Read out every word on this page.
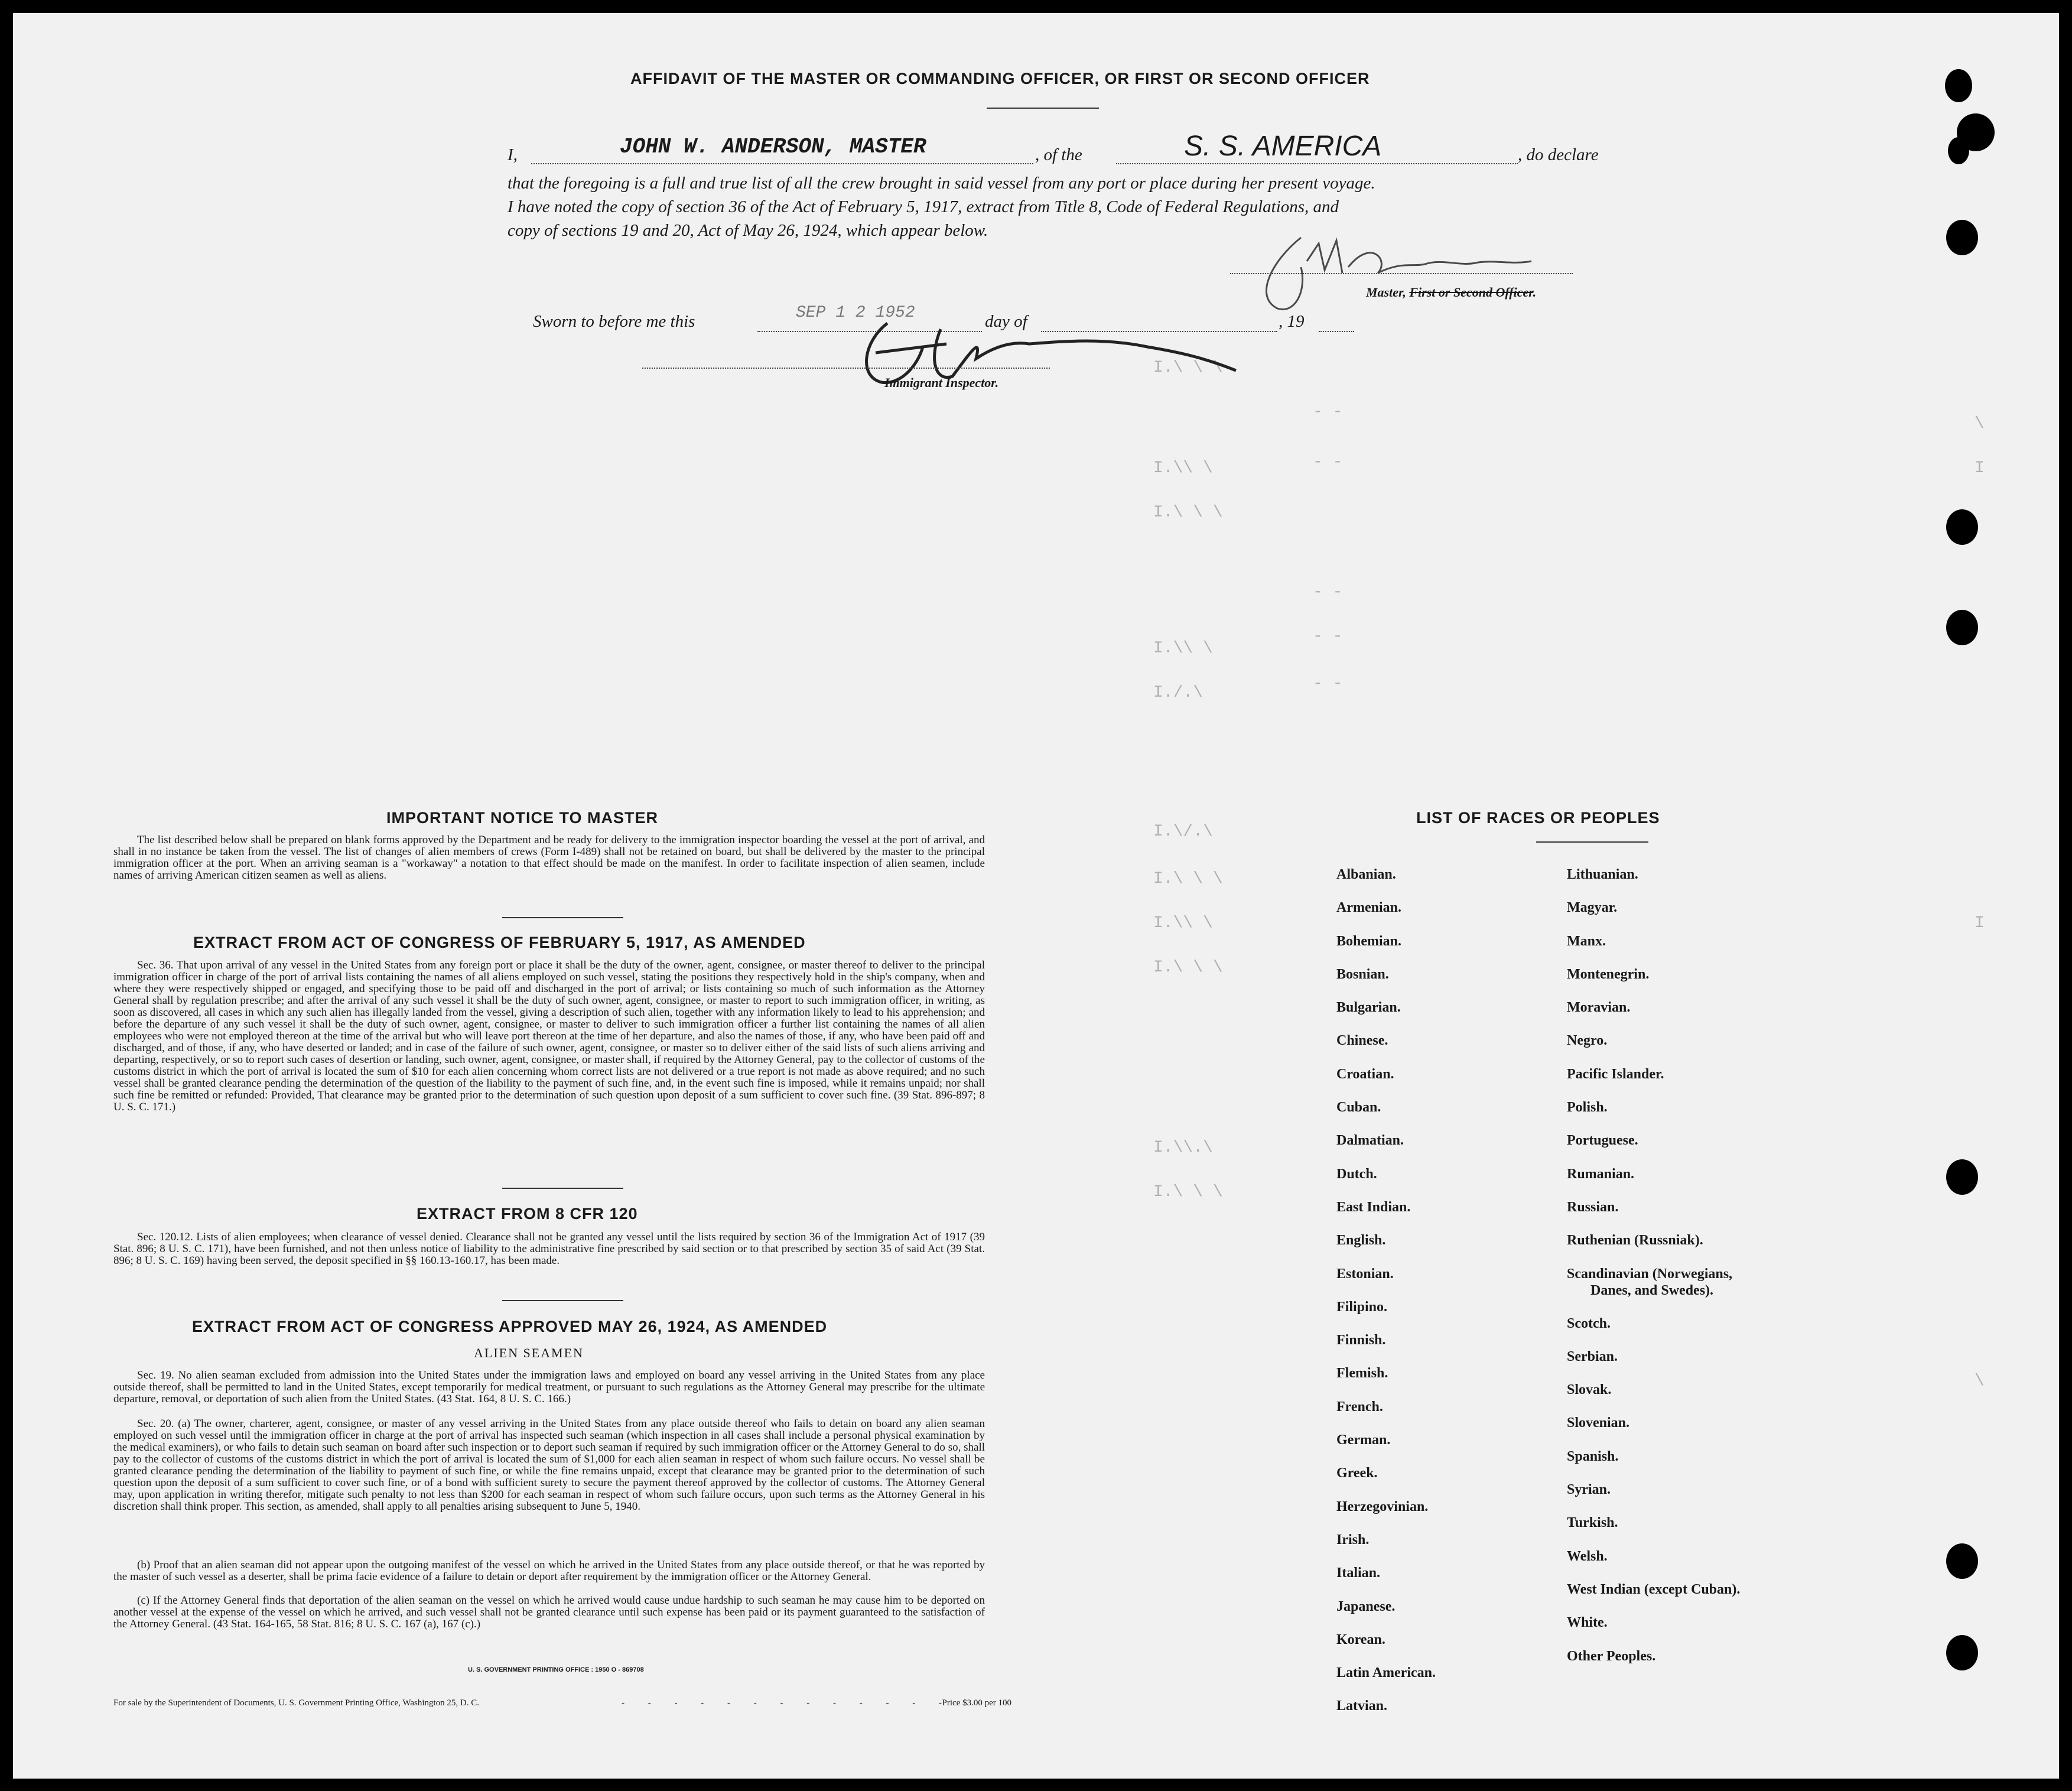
I.\ \ \
I.\\ \
I.\ \ \
I.\\ \
I./.\
I.\/.\
I.\ \ \
I.\\ \
I.\ \ \
I.\\.\
I.\ \ \
- -
- -
- -
- -
- -
\
I
I
\
AFFIDAVIT OF THE MASTER OR COMMANDING OFFICER, OR FIRST OR SECOND OFFICER
I,	JOHN W. ANDERSON, MASTER	, of the	S. S. AMERICA	, do declare
that the foregoing is a full and true list of all the crew brought in said vessel from any port or place during her present voyage.
I have noted the copy of section 36 of the Act of February 5, 1917, extract from Title 8, Code of Federal Regulations, and
copy of sections 19 and 20, Act of May 26, 1924, which appear below.
Master, First or Second Officer.
Sworn to before me this	SEP 1 2 1952	day of	, 19
Immigrant Inspector.
IMPORTANT NOTICE TO MASTER
The list described below shall be prepared on blank forms approved by the Department and be ready for delivery to the immigration inspector boarding the vessel at the port of arrival, and shall in no instance be taken from the vessel. The list of changes of alien members of crews (Form I-489) shall not be retained on board, but shall be delivered by the master to the principal immigration officer at the port. When an arriving seaman is a "workaway" a notation to that effect should be made on the manifest. In order to facilitate inspection of alien seamen, include names of arriving American citizen seamen as well as aliens.
EXTRACT FROM ACT OF CONGRESS OF FEBRUARY 5, 1917, AS AMENDED
Sec. 36. That upon arrival of any vessel in the United States from any foreign port or place it shall be the duty of the owner, agent, consignee, or master thereof to deliver to the principal immigration officer in charge of the port of arrival lists containing the names of all aliens employed on such vessel, stating the positions they respectively hold in the ship's company, when and where they were respectively shipped or engaged, and specifying those to be paid off and discharged in the port of arrival; or lists containing so much of such information as the Attorney General shall by regulation prescribe; and after the arrival of any such vessel it shall be the duty of such owner, agent, consignee, or master to report to such immigration officer, in writing, as soon as discovered, all cases in which any such alien has illegally landed from the vessel, giving a description of such alien, together with any information likely to lead to his apprehension; and before the departure of any such vessel it shall be the duty of such owner, agent, consignee, or master to deliver to such immigration officer a further list containing the names of all alien employees who were not employed thereon at the time of the arrival but who will leave port thereon at the time of her departure, and also the names of those, if any, who have been paid off and discharged, and of those, if any, who have deserted or landed; and in case of the failure of such owner, agent, consignee, or master so to deliver either of the said lists of such aliens arriving and departing, respectively, or so to report such cases of desertion or landing, such owner, agent, consignee, or master shall, if required by the Attorney General, pay to the collector of customs of the customs district in which the port of arrival is located the sum of $10 for each alien concerning whom correct lists are not delivered or a true report is not made as above required; and no such vessel shall be granted clearance pending the determination of the question of the liability to the payment of such fine, and, in the event such fine is imposed, while it remains unpaid; nor shall such fine be remitted or refunded: Provided, That clearance may be granted prior to the determination of such question upon deposit of a sum sufficient to cover such fine. (39 Stat. 896-897; 8 U. S. C. 171.)
EXTRACT FROM 8 CFR 120
Sec. 120.12. Lists of alien employees; when clearance of vessel denied. Clearance shall not be granted any vessel until the lists required by section 36 of the Immigration Act of 1917 (39 Stat. 896; 8 U. S. C. 171), have been furnished, and not then unless notice of liability to the administrative fine prescribed by said section or to that prescribed by section 35 of said Act (39 Stat. 896; 8 U. S. C. 169) having been served, the deposit specified in §§ 160.13-160.17, has been made.
EXTRACT FROM ACT OF CONGRESS APPROVED MAY 26, 1924, AS AMENDED
ALIEN SEAMEN
Sec. 19. No alien seaman excluded from admission into the United States under the immigration laws and employed on board any vessel arriving in the United States from any place outside thereof, shall be permitted to land in the United States, except temporarily for medical treatment, or pursuant to such regulations as the Attorney General may prescribe for the ultimate departure, removal, or deportation of such alien from the United States. (43 Stat. 164, 8 U. S. C. 166.)
Sec. 20. (a) The owner, charterer, agent, consignee, or master of any vessel arriving in the United States from any place outside thereof who fails to detain on board any alien seaman employed on such vessel until the immigration officer in charge at the port of arrival has inspected such seaman (which inspection in all cases shall include a personal physical examination by the medical examiners), or who fails to detain such seaman on board after such inspection or to deport such seaman if required by such immigration officer or the Attorney General to do so, shall pay to the collector of customs of the customs district in which the port of arrival is located the sum of $1,000 for each alien seaman in respect of whom such failure occurs. No vessel shall be granted clearance pending the determination of the liability to payment of such fine, or while the fine remains unpaid, except that clearance may be granted prior to the determination of such question upon the deposit of a sum sufficient to cover such fine, or of a bond with sufficient surety to secure the payment thereof approved by the collector of customs. The Attorney General may, upon application in writing therefor, mitigate such penalty to not less than $200 for each seaman in respect of whom such failure occurs, upon such terms as the Attorney General in his discretion shall think proper. This section, as amended, shall apply to all penalties arising subsequent to June 5, 1940.
(b) Proof that an alien seaman did not appear upon the outgoing manifest of the vessel on which he arrived in the United States from any place outside thereof, or that he was reported by the master of such vessel as a deserter, shall be prima facie evidence of a failure to detain or deport after requirement by the immigration officer or the Attorney General.
(c) If the Attorney General finds that deportation of the alien seaman on the vessel on which he arrived would cause undue hardship to such seaman he may cause him to be deported on another vessel at the expense of the vessel on which he arrived, and such vessel shall not be granted clearance until such expense has been paid or its payment guaranteed to the satisfaction of the Attorney General. (43 Stat. 164-165, 58 Stat. 816; 8 U. S. C. 167 (a), 167 (c).)
U. S. GOVERNMENT PRINTING OFFICE : 1950 O - 869708
For sale by the Superintendent of Documents, U. S. Government Printing Office, Washington 25, D. C.	- - - - - - - - - - - - -
Price $3.00 per 100
LIST OF RACES OR PEOPLES
Albanian.
Armenian.
Bohemian.
Bosnian.
Bulgarian.
Chinese.
Croatian.
Cuban.
Dalmatian.
Dutch.
East Indian.
English.
Estonian.
Filipino.
Finnish.
Flemish.
French.
German.
Greek.
Herzegovinian.
Irish.
Italian.
Japanese.
Korean.
Latin American.
Latvian.
Lithuanian.
Magyar.
Manx.
Montenegrin.
Moravian.
Negro.
Pacific Islander.
Polish.
Portuguese.
Rumanian.
Russian.
Ruthenian (Russniak).
Scandinavian (Norwegians,
Danes, and Swedes).
Scotch.
Serbian.
Slovak.
Slovenian.
Spanish.
Syrian.
Turkish.
Welsh.
West Indian (except Cuban).
White.
Other Peoples.
